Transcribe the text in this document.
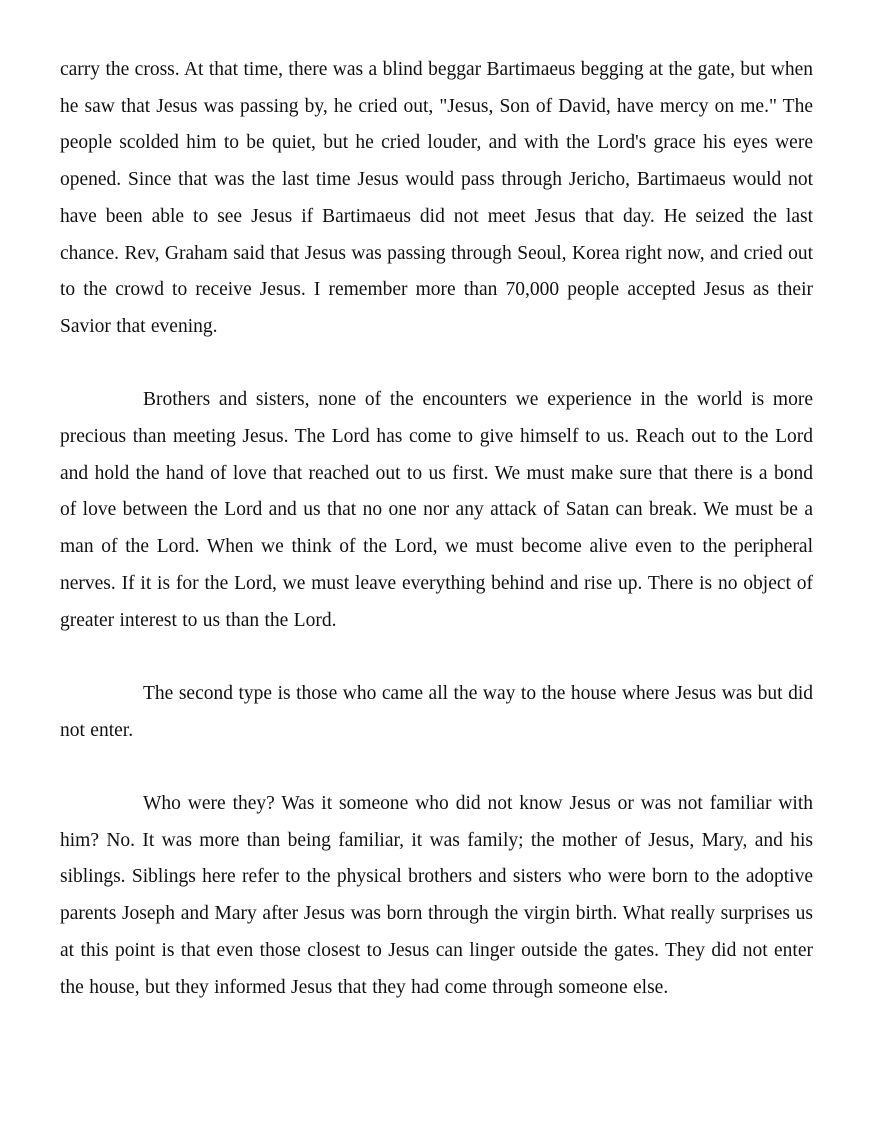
carry the cross. At that time, there was a blind beggar Bartimaeus begging at the gate, but when he saw that Jesus was passing by, he cried out, "Jesus, Son of David, have mercy on me." The people scolded him to be quiet, but he cried louder, and with the Lord's grace his eyes were opened. Since that was the last time Jesus would pass through Jericho, Bartimaeus would not have been able to see Jesus if Bartimaeus did not meet Jesus that day. He seized the last chance. Rev, Graham said that Jesus was passing through Seoul, Korea right now, and cried out to the crowd to receive Jesus. I remember more than 70,000 people accepted Jesus as their Savior that evening.

Brothers and sisters, none of the encounters we experience in the world is more precious than meeting Jesus. The Lord has come to give himself to us. Reach out to the Lord and hold the hand of love that reached out to us first. We must make sure that there is a bond of love between the Lord and us that no one nor any attack of Satan can break. We must be a man of the Lord. When we think of the Lord, we must become alive even to the peripheral nerves. If it is for the Lord, we must leave everything behind and rise up. There is no object of greater interest to us than the Lord.

The second type is those who came all the way to the house where Jesus was but did not enter.

Who were they? Was it someone who did not know Jesus or was not familiar with him? No. It was more than being familiar, it was family; the mother of Jesus, Mary, and his siblings. Siblings here refer to the physical brothers and sisters who were born to the adoptive parents Joseph and Mary after Jesus was born through the virgin birth. What really surprises us at this point is that even those closest to Jesus can linger outside the gates. They did not enter the house, but they informed Jesus that they had come through someone else.
